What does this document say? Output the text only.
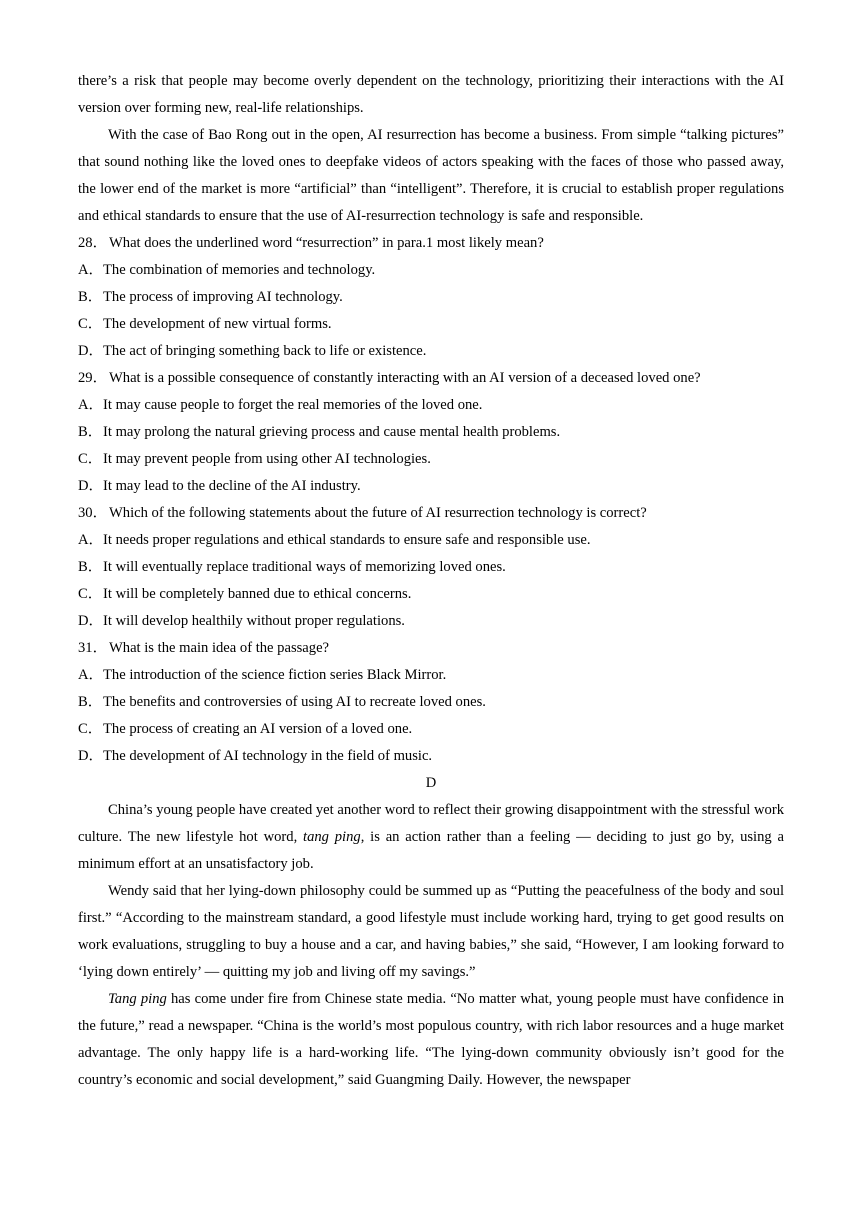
there’s a risk that people may become overly dependent on the technology, prioritizing their interactions with the AI version over forming new, real-life relationships.

With the case of Bao Rong out in the open, AI resurrection has become a business. From simple “talking pictures” that sound nothing like the loved ones to deepfake videos of actors speaking with the faces of those who passed away, the lower end of the market is more “artificial” than “intelligent”. Therefore, it is crucial to establish proper regulations and ethical standards to ensure that the use of AI-resurrection technology is safe and responsible.

28． What does the underlined word “resurrection” in para.1 most likely mean?
A．The combination of memories and technology.
B．The process of improving AI technology.
C．The development of new virtual forms.
D．The act of bringing something back to life or existence.
29． What is a possible consequence of constantly interacting with an AI version of a deceased loved one?
A．It may cause people to forget the real memories of the loved one.
B．It may prolong the natural grieving process and cause mental health problems.
C．It may prevent people from using other AI technologies.
D．It may lead to the decline of the AI industry.
30． Which of the following statements about the future of AI resurrection technology is correct?
A．It needs proper regulations and ethical standards to ensure safe and responsible use.
B．It will eventually replace traditional ways of memorizing loved ones.
C．It will be completely banned due to ethical concerns.
D．It will develop healthily without proper regulations.
31． What is the main idea of the passage?
A．The introduction of the science fiction series Black Mirror.
B．The benefits and controversies of using AI to recreate loved ones.
C．The process of creating an AI version of a loved one.
D．The development of AI technology in the field of music.
D

China’s young people have created yet another word to reflect their growing disappointment with the stressful work culture. The new lifestyle hot word, tang ping, is an action rather than a feeling — deciding to just go by, using a minimum effort at an unsatisfactory job.

Wendy said that her lying-down philosophy could be summed up as “Putting the peacefulness of the body and soul first.” “According to the mainstream standard, a good lifestyle must include working hard, trying to get good results on work evaluations, struggling to buy a house and a car, and having babies,” she said, “However, I am looking forward to ‘lying down entirely’ — quitting my job and living off my savings.”

Tang ping has come under fire from Chinese state media. “No matter what, young people must have confidence in the future,” read a newspaper. “China is the world’s most populous country, with rich labor resources and a huge market advantage. The only happy life is a hard-working life. “The lying-down community obviously isn’t good for the country’s economic and social development,” said Guangming Daily. However, the newspaper
